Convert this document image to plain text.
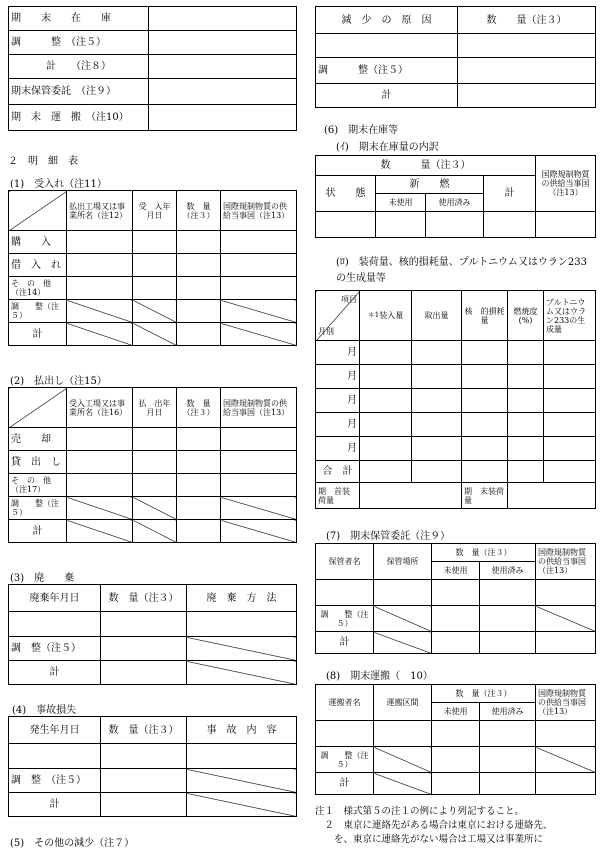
期　　末　　在　　庫	
調　　　整　（注５）	
計　　（注８）	
期末保管委託　（注９）	
期　末　運　搬　（注10）	
２　明　細　表
(1)　受入れ（注11）
	払出工場又は事業所名（注12）	受　入年月日	数　量（注３）	国際規制物質の供給当事国（注13）
購　　入				
借　入　れ				
そ　の　他（注14）				
調　　整（注５）				
計				
(2)　払出し（注15）
	受入工場又は事業所名（注16）	払　出年月日	数　量（注３）	国際規制物質の供給当事国（注13）
売　　却				
貸　出　し				
そ　の　他（注17）				
調　　整（注５）				
計				
(3)　廃　　棄
廃棄年月日	数　量（注３）	廃　棄　方　法

調　整（注５）		
計		
(4)　事故損失
発生年月日	数　量（注３）	事　故　内　容

調　整　（注５）		
計		
(5)　その他の減少（注７）
減　少　の　原　因	数　　量（注３）

調　　　整（注５）	
計	
(6)　期末在庫等
(ｲ)　期末在庫量の内訳
数　　　量（注３）				国際規制物質の供給当事国（注13）
状　　態	新　　燃		計	
	未使用	使用済み		

(ﾛ)　装荷量、核的損耗量、プルトニウム又はウラン233の生成量等
項目
月別	＊1装入量	取出量	核　的損耗量	燃焼度(%)	プルトニウム又はウラン233の生成量
月					
月					
月					
月					
月					
合　計					
期　首装荷量			期　末装荷量		
(7)　期末保管委託（注９）
保管者名	保管場所	数　量（注３）		国際規制物質の供給当事国（注13）
		未使用	使用済み	

調　　整（注５）				
計				
(8)　期末運搬（　10）
運搬者名	運搬区間	数　量（注３）		国際規制物質の供給当事国（注13）
		未使用	使用済み	

調　　整（注５）				
計				
注１　様式第５の注１の例により列記すること。
　２　東京に連絡先がある場合は東京における連絡先、
　　を、東京に連絡先がない場合は工場又は事業所に
